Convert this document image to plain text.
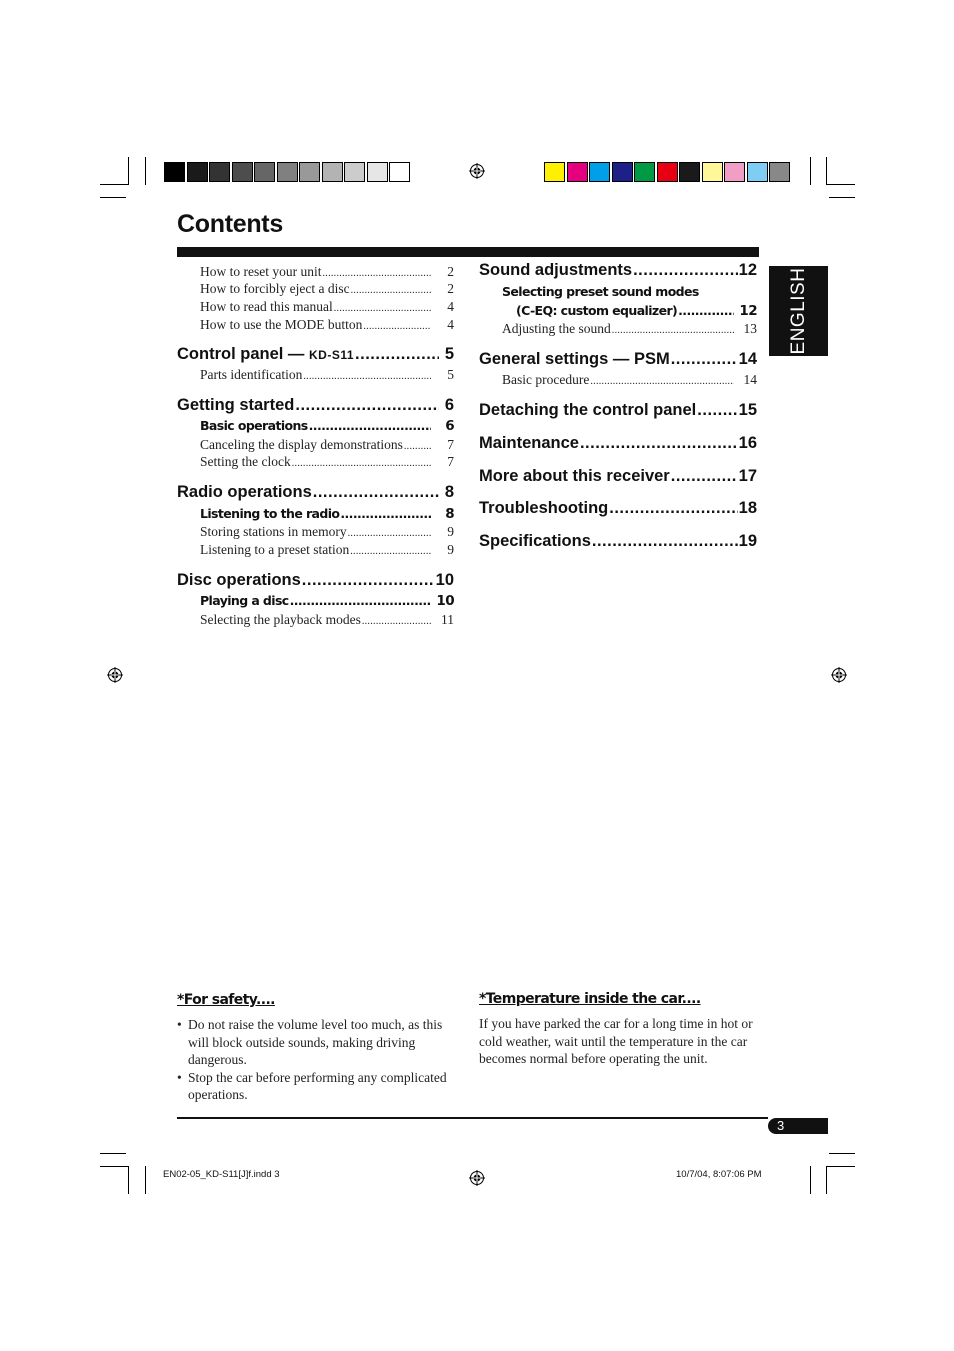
Contents
How to reset your unit .....	2
How to forcibly eject a disc .....	2
How to read this manual .....	4
How to use the MODE button .....	4
Control panel — KD-S11 .....	5
Parts identification .....	5
Getting started .....	6
Basic operations .....	6
Canceling the display demonstrations .....	7
Setting the clock .....	7
Radio operations .....	8
Listening to the radio .....	8
Storing stations in memory .....	9
Listening to a preset station .....	9
Disc operations .....	10
Playing a disc .....	10
Selecting the playback modes .....	11
Sound adjustments .....	12
Selecting preset sound modes
(C-EQ: custom equalizer) .....	12
Adjusting the sound .....	13
General settings — PSM .....	14
Basic procedure .....	14
Detaching the control panel .....	15
Maintenance .....	16
More about this receiver .....	17
Troubleshooting .....	18
Specifications .....	19
ENGLISH
*For safety....
• Do not raise the volume level too much, as this will block outside sounds, making driving dangerous.
• Stop the car before performing any complicated operations.
*Temperature inside the car....
If you have parked the car for a long time in hot or cold weather, wait until the temperature in the car becomes normal before operating the unit.
3
EN02-05_KD-S11[J]f.indd 3	10/7/04, 8:07:06 PM
